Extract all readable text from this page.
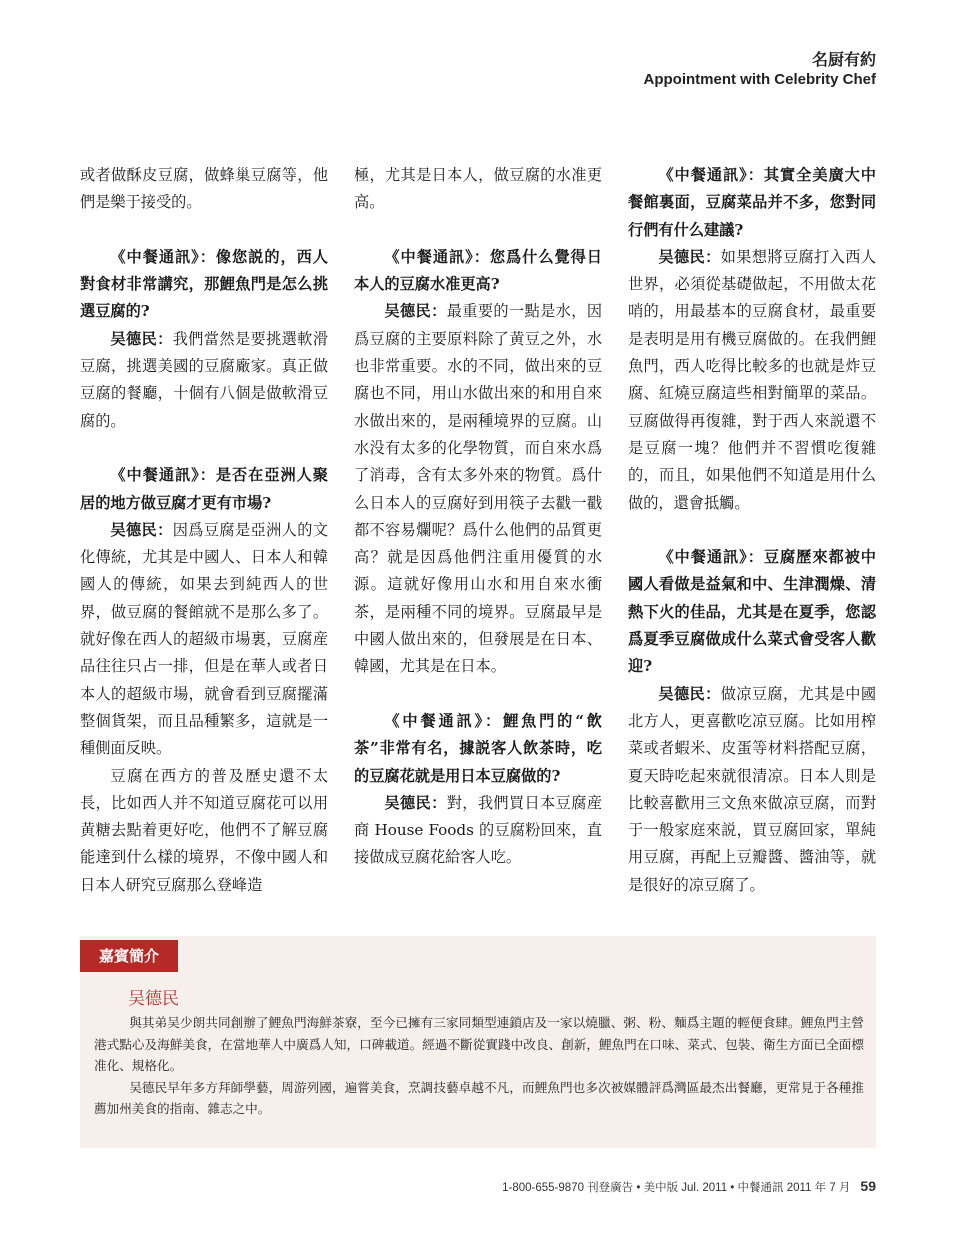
名厨有約
Appointment with Celebrity Chef

或者做酥皮豆腐，做蜂巢豆腐等，他們是樂于接受的。

《中餐通訊》：像您説的，西人對食材非常講究，那鯉魚門是怎么挑選豆腐的?

吴德民：我們當然是要挑選軟滑豆腐，挑選美國的豆腐廠家。真正做豆腐的餐廳，十個有八個是做軟滑豆腐的。

《中餐通訊》：是否在亞洲人聚居的地方做豆腐才更有市場?

吴德民：因爲豆腐是亞洲人的文化傳統，尤其是中國人、日本人和韓國人的傳統，如果去到純西人的世界，做豆腐的餐館就不是那么多了。就好像在西人的超級市場裏，豆腐産品往往只占一排，但是在華人或者日本人的超級市場，就會看到豆腐擺滿整個貨架，而且品種繁多，這就是一種側面反映。

豆腐在西方的普及歷史還不太長，比如西人并不知道豆腐花可以用黄糖去點着更好吃，他們不了解豆腐能達到什么樣的境界，不像中國人和日本人研究豆腐那么登峰造

極，尤其是日本人，做豆腐的水准更高。

《中餐通訊》：您爲什么覺得日本人的豆腐水准更高?

吴德民：最重要的一點是水，因爲豆腐的主要原料除了黄豆之外，水也非常重要。水的不同，做出來的豆腐也不同，用山水做出來的和用自來水做出來的，是兩種境界的豆腐。山水没有太多的化學物質，而自來水爲了消毒，含有太多外來的物質。爲什么日本人的豆腐好到用筷子去戳一戳都不容易爛呢？爲什么他們的品質更高？就是因爲他們注重用優質的水源。這就好像用山水和用自來水衝茶，是兩種不同的境界。豆腐最早是中國人做出來的，但發展是在日本、韓國，尤其是在日本。

《中餐通訊》：鯉魚門的“飲茶”非常有名，據説客人飲茶時，吃的豆腐花就是用日本豆腐做的?

吴德民：對，我們買日本豆腐産商 House Foods 的豆腐粉回來，直接做成豆腐花給客人吃。

《中餐通訊》：其實全美廣大中餐館裏面，豆腐菜品并不多，您對同行們有什么建議?

吴德民：如果想將豆腐打入西人世界，必須從基礎做起，不用做太花哨的，用最基本的豆腐食材，最重要是表明是用有機豆腐做的。在我們鯉魚門，西人吃得比較多的也就是炸豆腐、紅燒豆腐這些相對簡單的菜品。豆腐做得再復雜，對于西人來説還不是豆腐一塊？他們并不習慣吃復雜的，而且，如果他們不知道是用什么做的，還會抵觸。

《中餐通訊》：豆腐歷來都被中國人看做是益氣和中、生津潤燥、清熱下火的佳品，尤其是在夏季，您認爲夏季豆腐做成什么菜式會受客人歡迎?

吴德民：做凉豆腐，尤其是中國北方人，更喜歡吃凉豆腐。比如用榨菜或者蝦米、皮蛋等材料搭配豆腐，夏天時吃起來就很清凉。日本人則是比較喜歡用三文魚來做凉豆腐，而對于一般家庭來説，買豆腐回家，單純用豆腐，再配上豆瓣醬、醬油等，就是很好的凉豆腐了。

嘉賓簡介
吴德民

與其弟吴少朗共同創辦了鯉魚門海鮮茶寮，至今已擁有三家同類型連鎖店及一家以燒臘、粥、粉、麵爲主題的輕便食肆。鯉魚門主營港式點心及海鮮美食，在當地華人中廣爲人知，口碑載道。經過不斷從實踐中改良、創新，鯉魚門在口味、菜式、包裝、衛生方面已全面標准化、規格化。

吴德民早年多方拜師學藝，周游列國，遍嘗美食，烹調技藝卓越不凡，而鯉魚門也多次被媒體評爲灣區最杰出餐廳，更常見于各種推薦加州美食的指南、雜志之中。

1-800-655-9870 刊登廣告 • 美中版 Jul. 2011 • 中餐通訊 2011 年 7 月 59
